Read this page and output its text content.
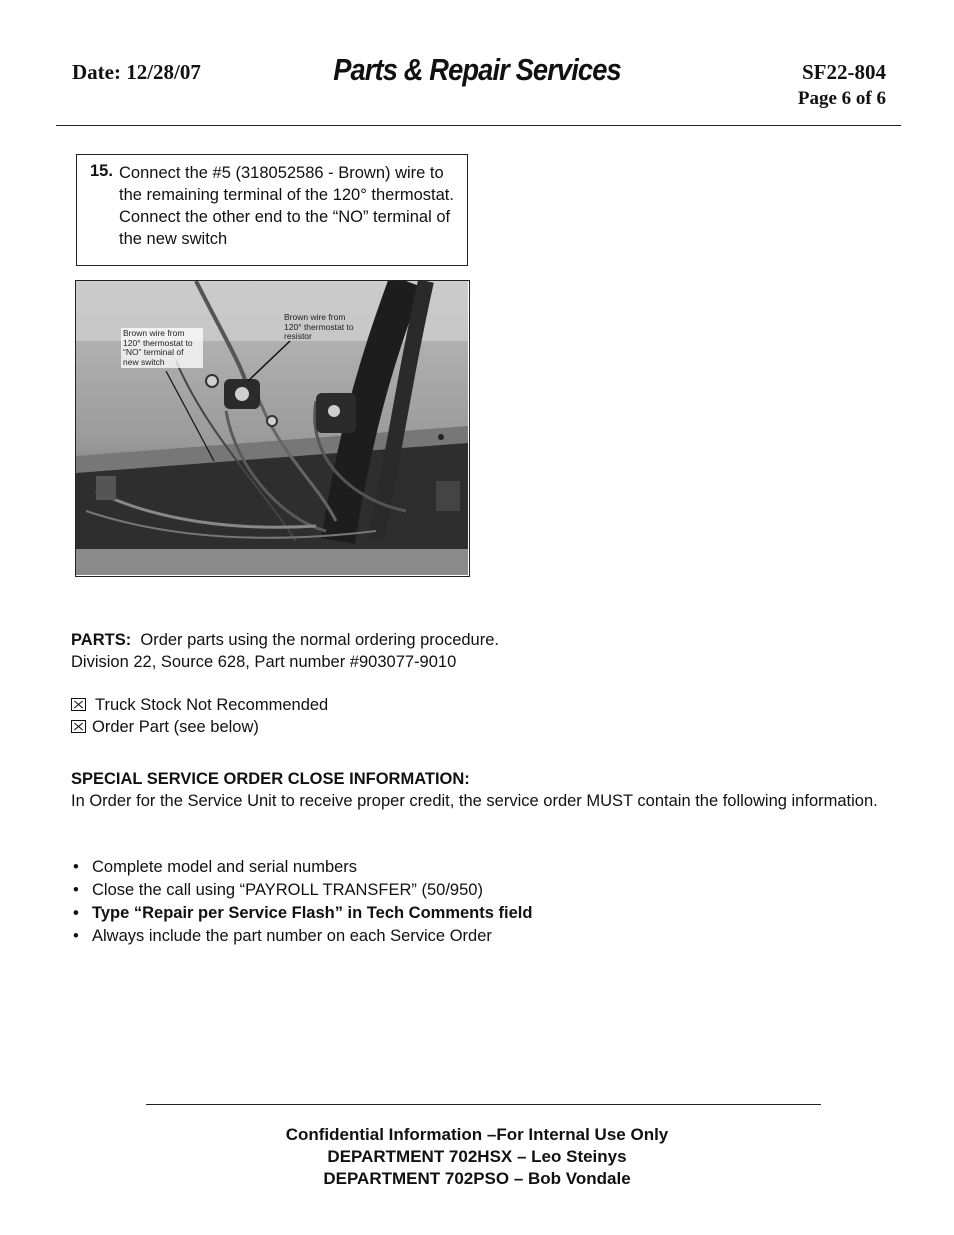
Date: 12/28/07	Parts & Repair Services	SF22-804
Page 6 of 6
15. Connect the #5 (318052586 - Brown) wire to the remaining terminal of the 120° thermostat. Connect the other end to the “NO” terminal of the new switch
Brown wire from 120° thermostat to “NO” terminal of new switch
Brown wire from 120° thermostat to resistor
PARTS: Order parts using the normal ordering procedure.
Division 22, Source 628, Part number #903077-9010
Truck Stock Not Recommended
Order Part (see below)
SPECIAL SERVICE ORDER CLOSE INFORMATION:
In Order for the Service Unit to receive proper credit, the service order MUST contain the following information.
• Complete model and serial numbers
• Close the call using “PAYROLL TRANSFER” (50/950)
• Type “Repair per Service Flash” in Tech Comments field
• Always include the part number on each Service Order
Confidential Information –For Internal Use Only
DEPARTMENT 702HSX – Leo Steinys
DEPARTMENT 702PSO – Bob Vondale
